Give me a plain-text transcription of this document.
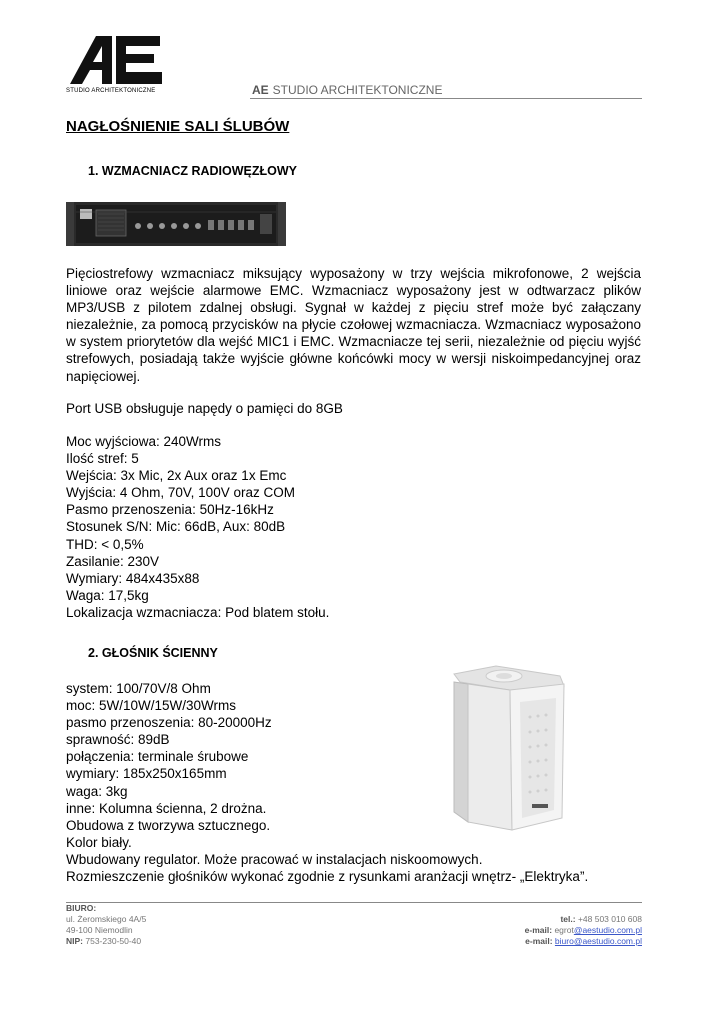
STUDIO ARCHITEKTONICZNE	AE STUDIO ARCHITEKTONICZNE
NAGŁOŚNIENIE SALI ŚLUBÓW
1. WZMACNIACZ RADIOWĘZŁOWY
Pięciostrefowy wzmacniacz miksujący wyposażony w trzy wejścia mikrofonowe, 2 wejścia liniowe oraz wejście alarmowe EMC. Wzmacniacz wyposażony jest w odtwarzacz plików MP3/USB z pilotem zdalnej obsługi. Sygnał w każdej z pięciu stref może być załączany niezależnie, za pomocą przycisków na płycie czołowej wzmacniacza. Wzmacniacz wyposażono w system priorytetów dla wejść MIC1 i EMC. Wzmacniacze tej serii, niezależnie od pięciu wyjść strefowych, posiadają także wyjście główne końcówki mocy w wersji niskoimpedancyjnej oraz napięciowej.
Port USB obsługuje napędy o pamięci do 8GB
Moc wyjściowa: 240Wrms
Ilość stref: 5
Wejścia: 3x Mic, 2x Aux oraz 1x Emc
Wyjścia: 4 Ohm, 70V, 100V oraz COM
Pasmo przenoszenia: 50Hz-16kHz
Stosunek S/N: Mic: 66dB, Aux: 80dB
THD: < 0,5%
Zasilanie: 230V
Wymiary: 484x435x88
Waga: 17,5kg
Lokalizacja wzmacniacza: Pod blatem stołu.
2. GŁOŚNIK ŚCIENNY
system: 100/70V/8 Ohm
moc: 5W/10W/15W/30Wrms
pasmo przenoszenia: 80-20000Hz
sprawność: 89dB
połączenia: terminale śrubowe
wymiary: 185x250x165mm
waga: 3kg
inne: Kolumna ścienna, 2 drożna.
Obudowa z tworzywa sztucznego.
Kolor biały.
Wbudowany regulator. Może pracować w instalacjach niskoomowych.
Rozmieszczenie głośników wykonać zgodnie z rysunkami aranżacji wnętrz- „Elektryka”.
BIURO:
ul. Żeromskiego 4A/5
49-100 Niemodlin
NIP: 753-230-50-40
tel.: +48 503 010 608
e-mail: egrot@aestudio.com.pl
e-mail: biuro@aestudio.com.pl
